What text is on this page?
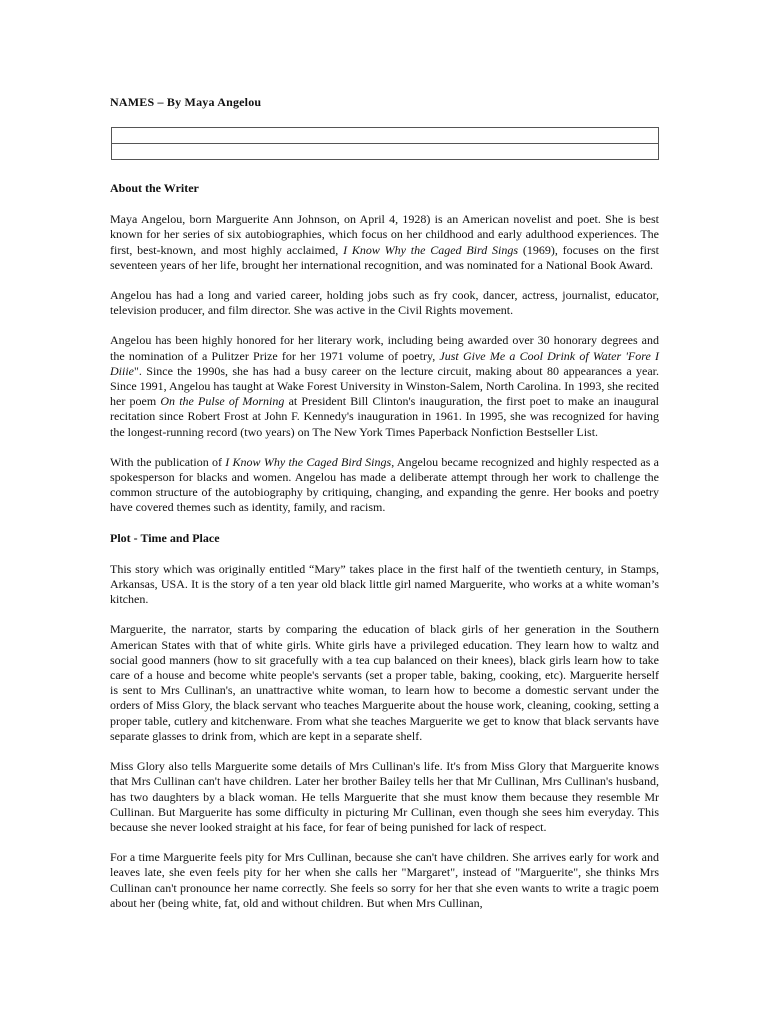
NAMES – By Maya Angelou

About the Writer

Maya Angelou, born Marguerite Ann Johnson, on April 4, 1928) is an American novelist and poet. She is best known for her series of six autobiographies, which focus on her childhood and early adulthood experiences. The first, best-known, and most highly acclaimed, I Know Why the Caged Bird Sings (1969), focuses on the first seventeen years of her life, brought her international recognition, and was nominated for a National Book Award.

Angelou has had a long and varied career, holding jobs such as fry cook, dancer, actress, journalist, educator, television producer, and film director. She was active in the Civil Rights movement.

Angelou has been highly honored for her literary work, including being awarded over 30 honorary degrees and the nomination of a Pulitzer Prize for her 1971 volume of poetry, Just Give Me a Cool Drink of Water 'Fore I Diiie". Since the 1990s, she has had a busy career on the lecture circuit, making about 80 appearances a year. Since 1991, Angelou has taught at Wake Forest University in Winston-Salem, North Carolina. In 1993, she recited her poem On the Pulse of Morning at President Bill Clinton's inauguration, the first poet to make an inaugural recitation since Robert Frost at John F. Kennedy's inauguration in 1961. In 1995, she was recognized for having the longest-running record (two years) on The New York Times Paperback Nonfiction Bestseller List.

With the publication of I Know Why the Caged Bird Sings, Angelou became recognized and highly respected as a spokesperson for blacks and women. Angelou has made a deliberate attempt through her work to challenge the common structure of the autobiography by critiquing, changing, and expanding the genre. Her books and poetry have covered themes such as identity, family, and racism.

Plot - Time and Place

This story which was originally entitled “Mary” takes place in the first half of the twentieth century, in Stamps, Arkansas, USA. It is the story of a ten year old black little girl named Marguerite, who works at a white woman’s kitchen.

Marguerite, the narrator, starts by comparing the education of black girls of her generation in the Southern American States with that of white girls. White girls have a privileged education. They learn how to waltz and social good manners (how to sit gracefully with a tea cup balanced on their knees), black girls learn how to take care of a house and become white people's servants (set a proper table, baking, cooking, etc). Marguerite herself is sent to Mrs Cullinan's, an unattractive white woman, to learn how to become a domestic servant under the orders of Miss Glory, the black servant who teaches Marguerite about the house work, cleaning, cooking, setting a proper table, cutlery and kitchenware. From what she teaches Marguerite we get to know that black servants have separate glasses to drink from, which are kept in a separate shelf.

Miss Glory also tells Marguerite some details of Mrs Cullinan's life. It's from Miss Glory that Marguerite knows that Mrs Cullinan can't have children. Later her brother Bailey tells her that Mr Cullinan, Mrs Cullinan's husband, has two daughters by a black woman. He tells Marguerite that she must know them because they resemble Mr Cullinan. But Marguerite has some difficulty in picturing Mr Cullinan, even though she sees him everyday. This because she never looked straight at his face, for fear of being punished for lack of respect.

For a time Marguerite feels pity for Mrs Cullinan, because she can't have children. She arrives early for work and leaves late, she even feels pity for her when she calls her "Margaret", instead of "Marguerite", she thinks Mrs Cullinan can't pronounce her name correctly. She feels so sorry for her that she even wants to write a tragic poem about her (being white, fat, old and without children. But when Mrs Cullinan,
